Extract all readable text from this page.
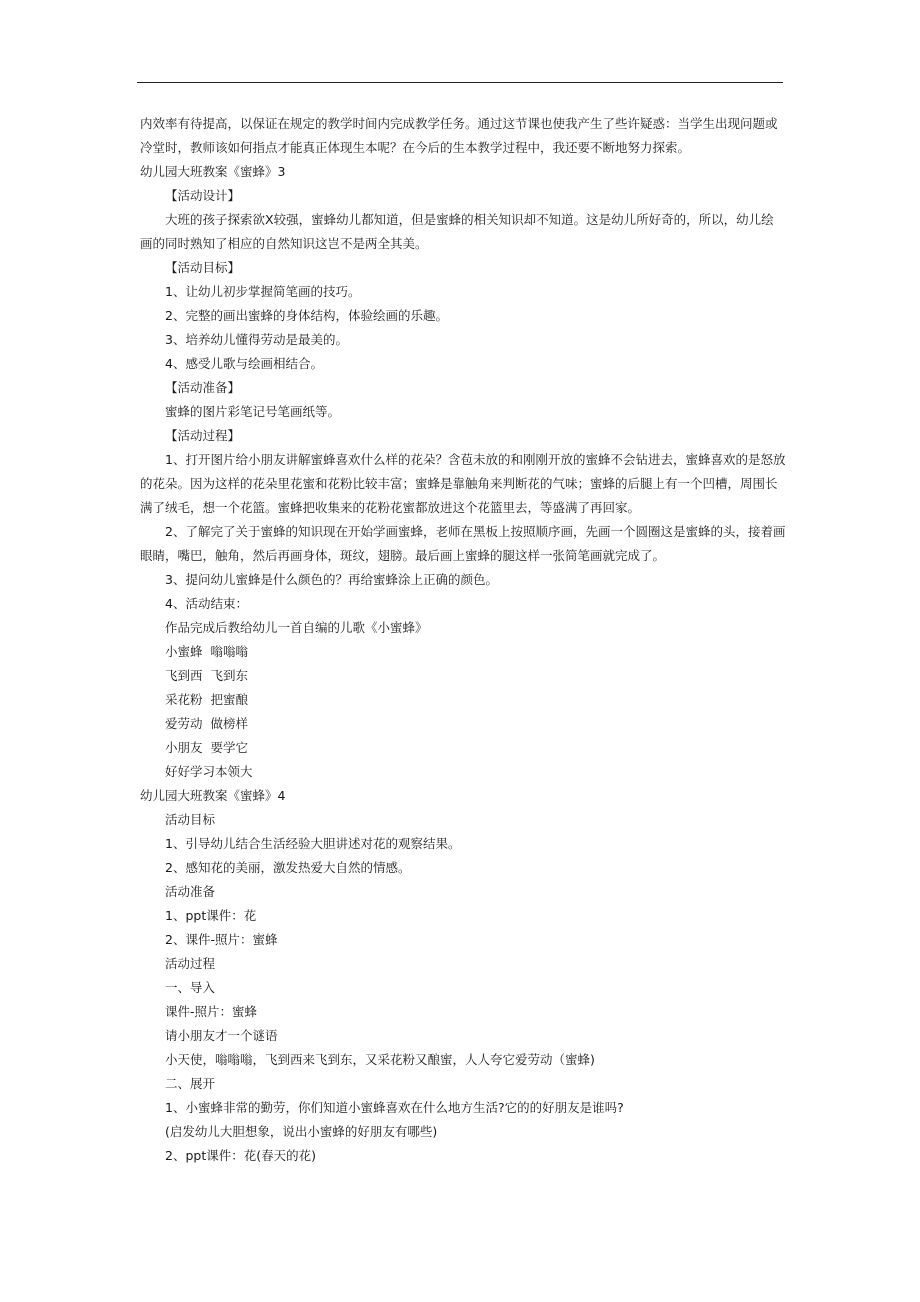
内效率有待提高，以保证在规定的教学时间内完成教学任务。通过这节课也使我产生了些许疑惑：当学生出现问题或冷堂时，教师该如何指点才能真正体现生本呢？在今后的生本教学过程中，我还要不断地努力探索。

幼儿园大班教案《蜜蜂》3

【活动设计】

大班的孩子探索欲X较强，蜜蜂幼儿都知道，但是蜜蜂的相关知识却不知道。这是幼儿所好奇的，所以，幼儿绘画的同时熟知了相应的自然知识这岂不是两全其美。

【活动目标】

1、让幼儿初步掌握简笔画的技巧。

2、完整的画出蜜蜂的身体结构，体验绘画的乐趣。

3、培养幼儿懂得劳动是最美的。

4、感受儿歌与绘画相结合。

【活动准备】

蜜蜂的图片彩笔记号笔画纸等。

【活动过程】

1、打开图片给小朋友讲解蜜蜂喜欢什么样的花朵？含苞未放的和刚刚开放的蜜蜂不会钻进去，蜜蜂喜欢的是怒放的花朵。因为这样的花朵里花蜜和花粉比较丰富；蜜蜂是靠触角来判断花的气味；蜜蜂的后腿上有一个凹槽，周围长满了绒毛，想一个花篮。蜜蜂把收集来的花粉花蜜都放进这个花篮里去，等盛满了再回家。

2、了解完了关于蜜蜂的知识现在开始学画蜜蜂，老师在黑板上按照顺序画，先画一个圆圈这是蜜蜂的头，接着画眼睛，嘴巴，触角，然后再画身体，斑纹，翅膀。最后画上蜜蜂的腿这样一张简笔画就完成了。

3、提问幼儿蜜蜂是什么颜色的？再给蜜蜂涂上正确的颜色。

4、活动结束：

作品完成后教给幼儿一首自编的儿歌《小蜜蜂》

小蜜蜂  嗡嗡嗡

飞到西  飞到东

采花粉  把蜜酿

爱劳动  做榜样

小朋友  要学它

好好学习本领大

幼儿园大班教案《蜜蜂》4

活动目标

1、引导幼儿结合生活经验大胆讲述对花的观察结果。

2、感知花的美丽，激发热爱大自然的情感。

活动准备

1、ppt课件：花

2、课件-照片：蜜蜂

活动过程

一、导入

课件-照片：蜜蜂

请小朋友才一个谜语

小天使，嗡嗡嗡，飞到西来飞到东，又采花粉又酿蜜，人人夸它爱劳动（蜜蜂)

二、展开

1、小蜜蜂非常的勤劳，你们知道小蜜蜂喜欢在什么地方生活?它的的好朋友是谁吗?

(启发幼儿大胆想象，说出小蜜蜂的好朋友有哪些)

2、ppt课件：花(春天的花)
